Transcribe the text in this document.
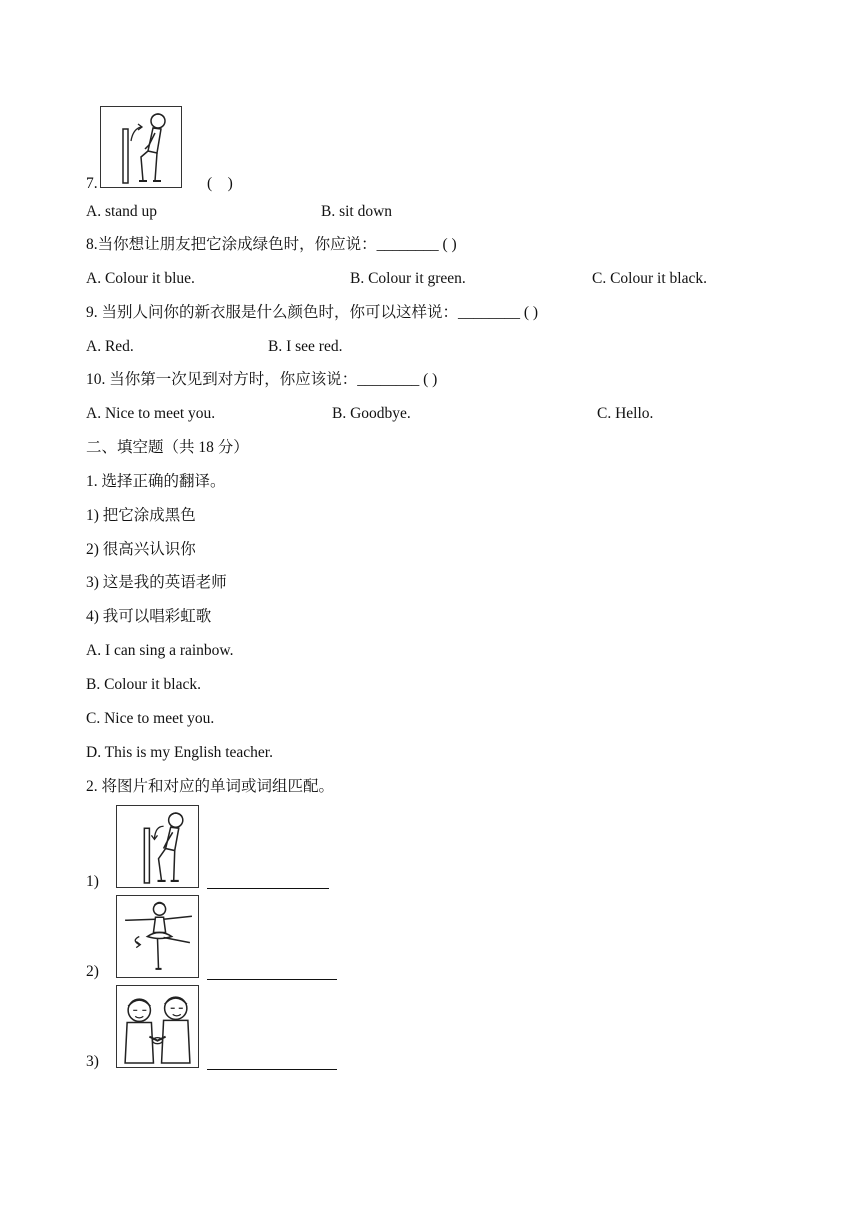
7.	(    )
A. stand up	B. sit down
8.当你想让朋友把它涂成绿色时，你应说：________ ( )
A. Colour it blue.	B. Colour it green.	C. Colour it black.
9. 当别人问你的新衣服是什么颜色时，你可以这样说：________ ( )
A. Red.	B. I see red.
10. 当你第一次见到对方时，你应该说：________ ( )
A. Nice to meet you.	B. Goodbye.	C. Hello.
二、填空题（共 18 分）
1. 选择正确的翻译。
1) 把它涂成黑色
2) 很高兴认识你
3) 这是我的英语老师
4) 我可以唱彩虹歌
A. I can sing a rainbow.
B. Colour it black.
C. Nice to meet you.
D. This is my English teacher.
2. 将图片和对应的单词或词组匹配。
1)
2)
3)
